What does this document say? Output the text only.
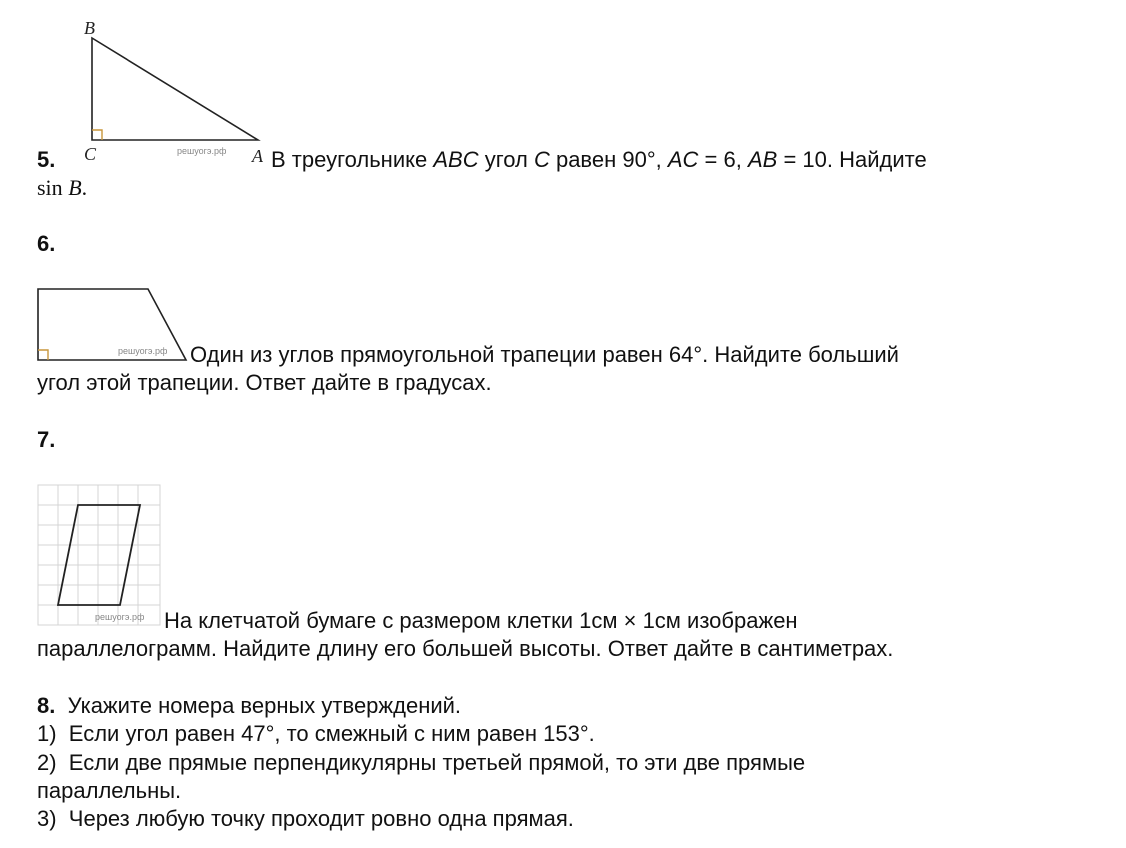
B
C	A
решуогэ.рф
5.	В треугольнике ABC угол C равен 90°, AC = 6, AB = 10. Найдите
sin B.
6.
решуогэ.рф Один из углов прямоугольной трапеции равен 64°. Найдите больший
угол этой трапеции. Ответ дайте в градусах.
7.
решуогэ.рф На клетчатой бумаге с размером клетки 1см × 1см изображен
параллелограмм. Найдите длину его большей высоты. Ответ дайте в сантиметрах.
8. Укажите номера верных утверждений.
1) Если угол равен 47°, то смежный с ним равен 153°.
2) Если две прямые перпендикулярны третьей прямой, то эти две прямые
параллельны.
3) Через любую точку проходит ровно одна прямая.
